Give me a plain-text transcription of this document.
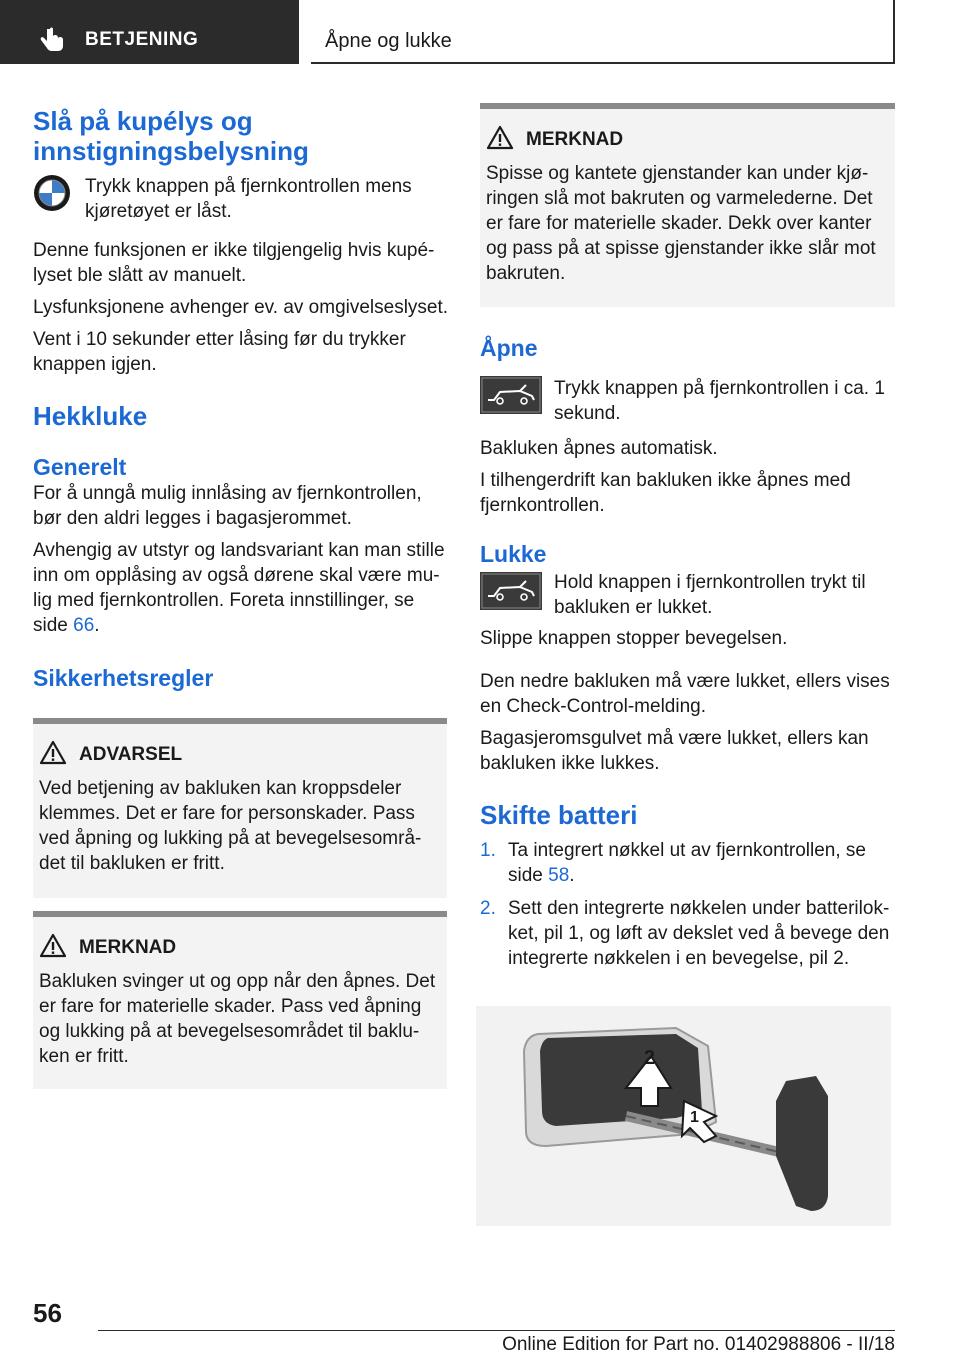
BETJENING	Åpne og lukke
Slå på kupélys og innstigningsbelysning

Trykk knappen på fjernkontrollen mens kjøretøyet er låst.

Denne funksjonen er ikke tilgjengelig hvis kupé-lyset ble slått av manuelt.

Lysfunksjonene avhenger ev. av omgivelseslyset.

Vent i 10 sekunder etter låsing før du trykker knappen igjen.

Hekkluke
Generelt

For å unngå mulig innlåsing av fjernkontrollen, bør den aldri legges i bagasjerommet.

Avhengig av utstyr og landsvariant kan man stille inn om opplåsing av også dørene skal være mu-lig med fjernkontrollen. Foreta innstillinger, se side 66.

Sikkerhetsregler
ADVARSEL

Ved betjening av bakluken kan kroppsdeler klemmes. Det er fare for personskader. Pass ved åpning og lukking på at bevegelsesområ-det til bakluken er fritt.

MERKNAD

Bakluken svinger ut og opp når den åpnes. Det er fare for materielle skader. Pass ved åpning og lukking på at bevegelsesområdet til baklu-ken er fritt.

MERKNAD

Spisse og kantete gjenstander kan under kjø-ringen slå mot bakruten og varmelederne. Det er fare for materielle skader. Dekk over kanter og pass på at spisse gjenstander ikke slår mot bakruten.

Åpne

Trykk knappen på fjernkontrollen i ca. 1 sekund.

Bakluken åpnes automatisk.

I tilhengerdrift kan bakluken ikke åpnes med fjernkontrollen.

Lukke

Hold knappen i fjernkontrollen trykt til bakluken er lukket.

Slippe knappen stopper bevegelsen.

Den nedre bakluken må være lukket, ellers vises en Check-Control-melding.

Bagasjeromsgulvet må være lukket, ellers kan bakluken ikke lukkes.

Skifte batteri
1. Ta integrert nøkkel ut av fjernkontrollen, se side 58.
2. Sett den integrerte nøkkelen under batterilok-ket, pil 1, og løft av dekslet ved å bevege den integrerte nøkkelen i en bevegelse, pil 2.
2
1
56
Online Edition for Part no. 01402988806 - II/18
